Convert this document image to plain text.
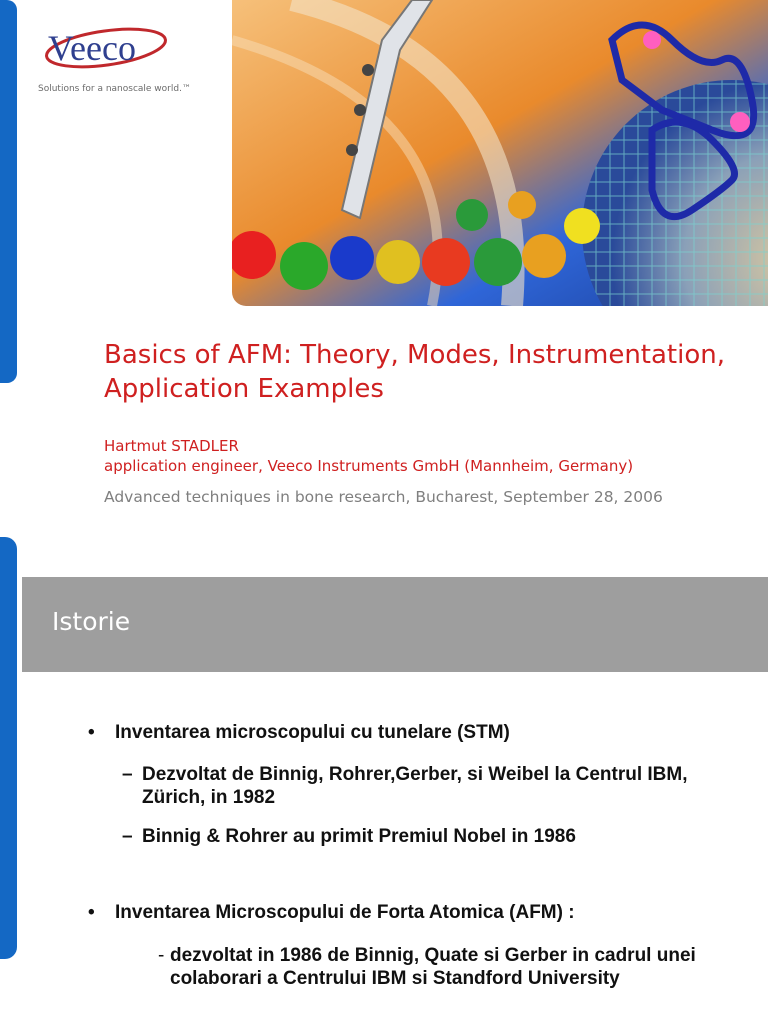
Veeco
Solutions for a nanoscale world.™
Basics of AFM: Theory, Modes, Instrumentation, Application Examples
Hartmut STADLER
application engineer, Veeco Instruments GmbH (Mannheim, Germany)
Advanced techniques in bone research, Bucharest, September 28, 2006
Istorie
• Inventarea microscopului cu tunelare (STM)
– Dezvoltat de Binnig, Rohrer,Gerber, si Weibel la Centrul IBM, Zürich, in 1982
– Binnig & Rohrer au primit Premiul Nobel in 1986
• Inventarea Microscopului de Forta Atomica (AFM) :
- dezvoltat in 1986 de Binnig, Quate si Gerber in cadrul unei colaborari a Centrului IBM si Standford University
